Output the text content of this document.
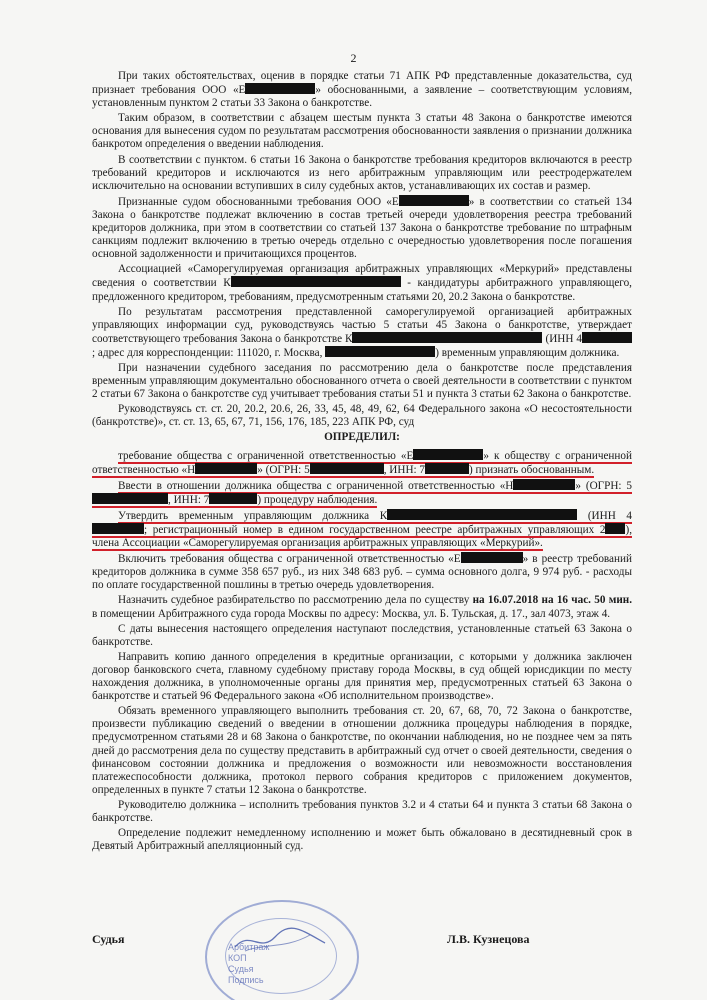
2

При таких обстоятельствах, оценив в порядке статьи 71 АПК РФ представленные доказательства, суд признает требования ООО «Е	» обоснованными, а заявление – соответствующим условиям, установленным пунктом 2 статьи 33 Закона о банкротстве.

Таким образом, в соответствии с абзацем шестым пункта 3 статьи 48 Закона о банкротстве имеются основания для вынесения судом по результатам рассмотрения обоснованности заявления о признании должника банкротом определения о введении наблюдения.

В соответствии с пунктом. 6 статьи 16 Закона о банкротстве требования кредиторов включаются в реестр требований кредиторов и исключаются из него арбитражным управляющим или реестродержателем исключительно на основании вступивших в силу судебных актов, устанавливающих их состав и размер.

Признанные судом обоснованными требования ООО «Е	» в соответствии со статьей 134 Закона о банкротстве подлежат включению в состав третьей очереди удовлетворения реестра требований кредиторов должника, при этом в соответствии со статьей 137 Закона о банкротстве требование по штрафным санкциям подлежит включению в третью очередь отдельно с очередностью удовлетворения после погашения основной задолженности и причитающихся процентов.

Ассоциацией «Саморегулируемая организация арбитражных управляющих «Меркурий» представлены сведения о соответствии К	- кандидатуры арбитражного управляющего, предложенного кредитором, требованиям, предусмотренным статьями 20, 20.2 Закона о банкротстве.

По результатам рассмотрения представленной саморегулируемой организацией арбитражных управляющих информации суд, руководствуясь частью 5 статьи 45 Закона о банкротстве, утверждает соответствующего требования Закона о банкротстве К	(ИНН 4; адрес для корреспонденции: 111020, г. Москва,	) временным управляющим должника.

При назначении судебного заседания по рассмотрению дела о банкротстве после представления временным управляющим документально обоснованного отчета о своей деятельности в соответствии с пунктом 2 статьи 67 Закона о банкротстве суд учитывает требования статьи 51 и пункта 3 статьи 62 Закона о банкротстве.

Руководствуясь ст. ст. 20, 20.2, 20.6, 26, 33, 45, 48, 49, 62, 64 Федерального закона «О несостоятельности (банкротстве)», ст. ст. 13, 65, 67, 71, 156, 176, 185, 223 АПК РФ, суд

ОПРЕДЕЛИЛ:

требование общества с ограниченной ответственностью «Е	» к обществу с ограниченной ответственностью «Н	» (ОГРН: 5	, ИНН: 7	) признать обоснованным.

Ввести в отношении должника общества с ограниченной ответственностью «Н	» (ОГРН: 5 , ИНН: 7	) процедуру наблюдения.

Утвердить временным управляющим должника К	(ИНН 4; регистрационный номер в едином государственном реестре арбитражных управляющих 2 ), члена Ассоциации «Саморегулируемая организация арбитражных управляющих «Меркурий».

Включить требования общества с ограниченной ответственностью «Е	» в реестр требований кредиторов должника в сумме 358 657 руб., из них 348 683 руб. – сумма основного долга, 9 974 руб. - расходы по оплате государственной пошлины в третью очередь удовлетворения.

Назначить судебное разбирательство по рассмотрению дела по существу на 16.07.2018 на 16 час. 50 мин. в помещении Арбитражного суда города Москвы по адресу: Москва, ул. Б. Тульская, д. 17., зал 4073, этаж 4.

С даты вынесения настоящего определения наступают последствия, установленные статьей 63 Закона о банкротстве.

Направить копию данного определения в кредитные организации, с которыми у должника заключен договор банковского счета, главному судебному приставу города Москвы, в суд общей юрисдикции по месту нахождения должника, в уполномоченные органы для принятия мер, предусмотренных статьей 63 Закона о банкротстве и статьей 96 Федерального закона «Об исполнительном производстве».

Обязать временного управляющего выполнить требования ст. 20, 67, 68, 70, 72 Закона о банкротстве, произвести публикацию сведений о введении в отношении должника процедуры наблюдения в порядке, предусмотренном статьями 28 и 68 Закона о банкротстве, по окончании наблюдения, но не позднее чем за пять дней до рассмотрения дела по существу представить в арбитражный суд отчет о своей деятельности, сведения о финансовом состоянии должника и предложения о возможности или невозможности восстановления платежеспособности должника, протокол первого собрания кредиторов с приложением документов, определенных в пункте 7 статьи 12 Закона о банкротстве.

Руководителю должника – исполнить требования пунктов 3.2 и 4 статьи 64 и пункта 3 статьи 68 Закона о банкротстве.

Определение подлежит немедленному исполнению и может быть обжаловано в десятидневный срок в Девятый Арбитражный апелляционный суд.

Арбитраж
КОП
Судья
Подпись
Судья	Л.В. Кузнецова
